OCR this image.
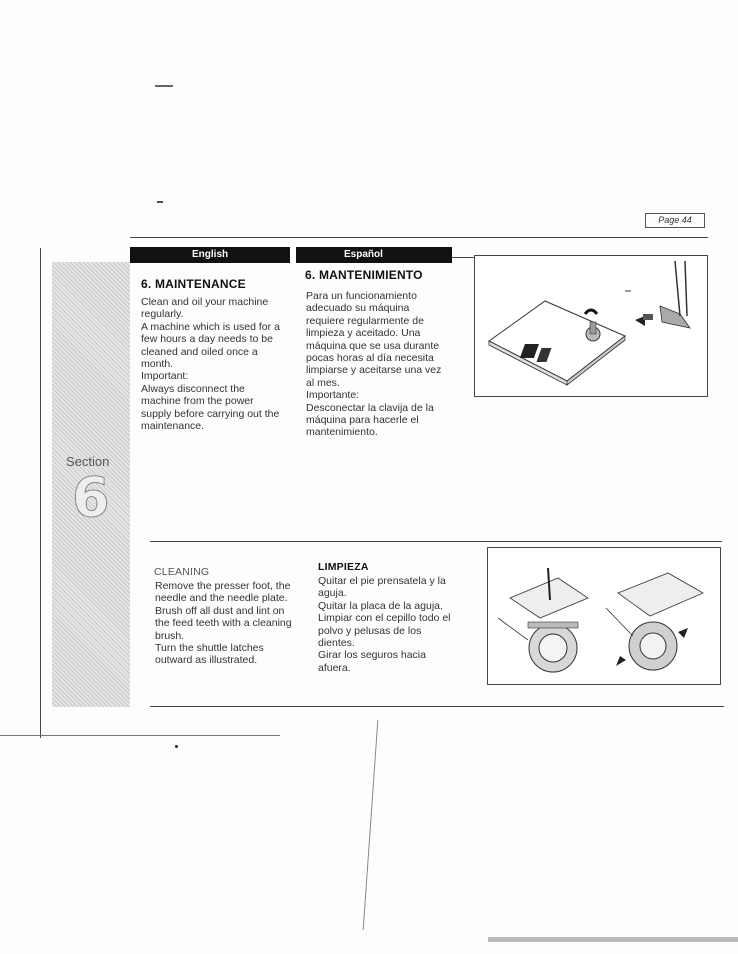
Page 44
Section
6
English	Español
6. MAINTENANCE
Clean and oil your machine
regularly.
A machine which is used for a
few hours a day needs to be
cleaned and oiled once a
month.
Important:
Always disconnect the
machine from the power
supply before carrying out the
maintenance.
6. MANTENIMIENTO
Para un funcionamiento
adecuado su máquina
requiere regularmente de
limpieza y aceitado. Una
máquina que se usa durante
pocas horas al día necesita
limpiarse y aceitarse una vez
al mes.
Importante:
Desconectar la clavija de la
máquina para hacerle el
mantenimiento.
CLEANING
Remove the presser foot, the
needle and the needle plate.
Brush off all dust and lint on
the feed teeth with a cleaning
brush.
Turn the shuttle latches
outward as illustrated.
LIMPIEZA
Quitar el pie prensatela y la
aguja.
Quitar la placa de la aguja.
Limpiar con el cepillo todo el
polvo y pelusas de los
dientes.
Girar los seguros hacia
afuera.
